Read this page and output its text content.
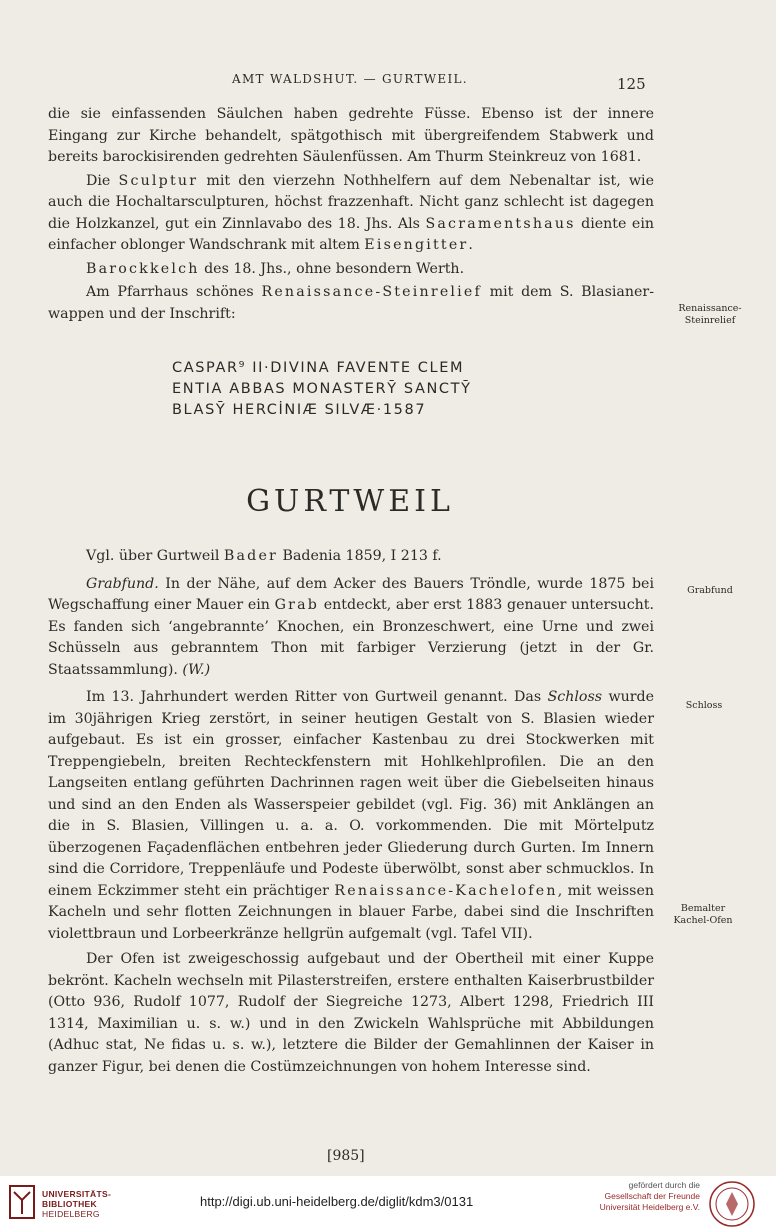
AMT WALDSHUT. — GURTWEIL.	125

die sie einfassenden Säulchen haben gedrehte Füsse. Ebenso ist der innere Eingang zur Kirche behandelt, spätgothisch mit übergreifendem Stabwerk und bereits barockisirenden gedrehten Säulenfüssen. Am Thurm Steinkreuz von 1681.

Die Sculptur mit den vierzehn Nothhelfern auf dem Nebenaltar ist, wie auch die Hochaltarsculpturen, höchst frazzenhaft. Nicht ganz schlecht ist dagegen die Holzkanzel, gut ein Zinnlavabo des 18. Jhs. Als Sacramentshaus diente ein einfacher oblonger Wandschrank mit altem Eisengitter.

Barockkelch des 18. Jhs., ohne besondern Werth.

Am Pfarrhaus schönes Renaissance-Steinrelief mit dem S. Blasianer-wappen und der Inschrift:	Renaissance-
Steinrelief
CASPAR⁹ II·DIVINA FAVENTE CLEM
ENTIA ABBAS MONASTERȲ SANCTȲ
BLASȲ HERCİNIÆ SILVÆ·1587
GURTWEIL

Vgl. über Gurtweil Bader Badenia 1859, I 213 f.

Grabfund. In der Nähe, auf dem Acker des Bauers Tröndle, wurde 1875 bei Wegschaffung einer Mauer ein Grab entdeckt, aber erst 1883 genauer untersucht. Es fanden sich ‘angebrannte’ Knochen, ein Bronzeschwert, eine Urne und zwei Schüsseln aus gebranntem Thon mit farbiger Verzierung (jetzt in der Gr. Staatssammlung). (W.)

Im 13. Jahrhundert werden Ritter von Gurtweil genannt. Das Schloss wurde im 30jährigen Krieg zerstört, in seiner heutigen Gestalt von S. Blasien wieder aufgebaut. Es ist ein grosser, einfacher Kastenbau zu drei Stockwerken mit Treppengiebeln, breiten Rechteckfenstern mit Hohlkehlprofilen. Die an den Langseiten entlang geführten Dachrinnen ragen weit über die Giebelseiten hinaus und sind an den Enden als Wasserspeier gebildet (vgl. Fig. 36) mit Anklängen an die in S. Blasien, Villingen u. a. a. O. vorkommenden. Die mit Mörtelputz überzogenen Façadenflächen entbehren jeder Gliederung durch Gurten. Im Innern sind die Corridore, Treppenläufe und Podeste überwölbt, sonst aber schmucklos. In einem Eckzimmer steht ein prächtiger Renaissance-Kachelofen, mit weissen Kacheln und sehr flotten Zeichnungen in blauer Farbe, dabei sind die Inschriften violettbraun und Lorbeerkränze hellgrün aufgemalt (vgl. Tafel VII).

Der Ofen ist zweigeschossig aufgebaut und der Obertheil mit einer Kuppe bekrönt. Kacheln wechseln mit Pilasterstreifen, erstere enthalten Kaiserbrustbilder (Otto 936, Rudolf 1077, Rudolf der Siegreiche 1273, Albert 1298, Friedrich III 1314, Maximilian u. s. w.) und in den Zwickeln Wahlsprüche mit Abbildungen (Adhuc stat, Ne fidas u. s. w.), letztere die Bilder der Gemahlinnen der Kaiser in ganzer Figur, bei denen die Costümzeichnungen von hohem Interesse sind.

Grabfund
Schloss
Bemalter
Kachel-Ofen
[985]
UNIVERSITÄTS-
BIBLIOTHEK
HEIDELBERG
http://digi.ub.uni-heidelberg.de/diglit/kdm3/0131
gefördert durch die
Gesellschaft der Freunde
Universität Heidelberg e.V.
